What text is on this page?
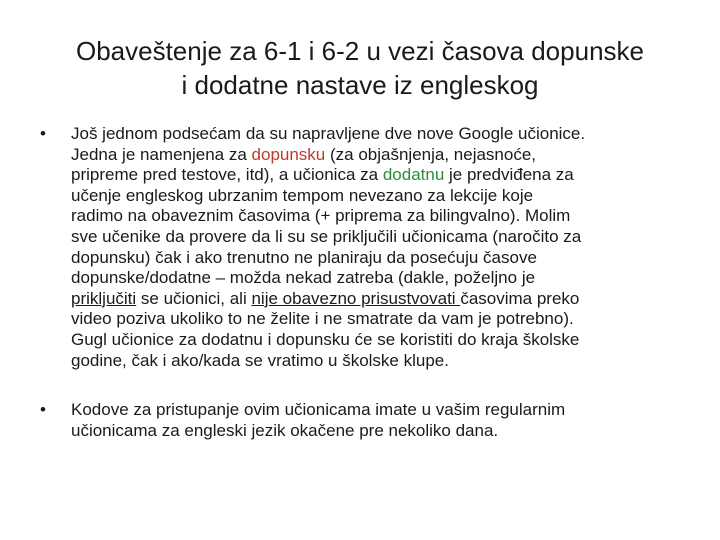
Obaveštenje za 6-1 i 6-2 u vezi časova dopunske
i dodatne nastave iz engleskog
• Još jednom podsećam da su napravljene dve nove Google učionice.
Jedna je namenjena za dopunsku (za objašnjenja, nejasnoće,
pripreme pred testove, itd), a učionica za dodatnu je predviđena za
učenje engleskog ubrzanim tempom nevezano za lekcije koje
radimo na obaveznim časovima (+ priprema za bilingvalno). Molim
sve učenike da provere da li su se priključili učionicama (naročito za
dopunsku) čak i ako trenutno ne planiraju da posećuju časove
dopunske/dodatne – možda nekad zatreba (dakle, poželjno je
priključiti se učionici, ali nije obavezno prisustvovati časovima preko
video poziva ukoliko to ne želite i ne smatrate da vam je potrebno).
Gugl učionice za dodatnu i dopunsku će se koristiti do kraja školske
godine, čak i ako/kada se vratimo u školske klupe.
• Kodove za pristupanje ovim učionicama imate u vašim regularnim
učionicama za engleski jezik okačene pre nekoliko dana.
